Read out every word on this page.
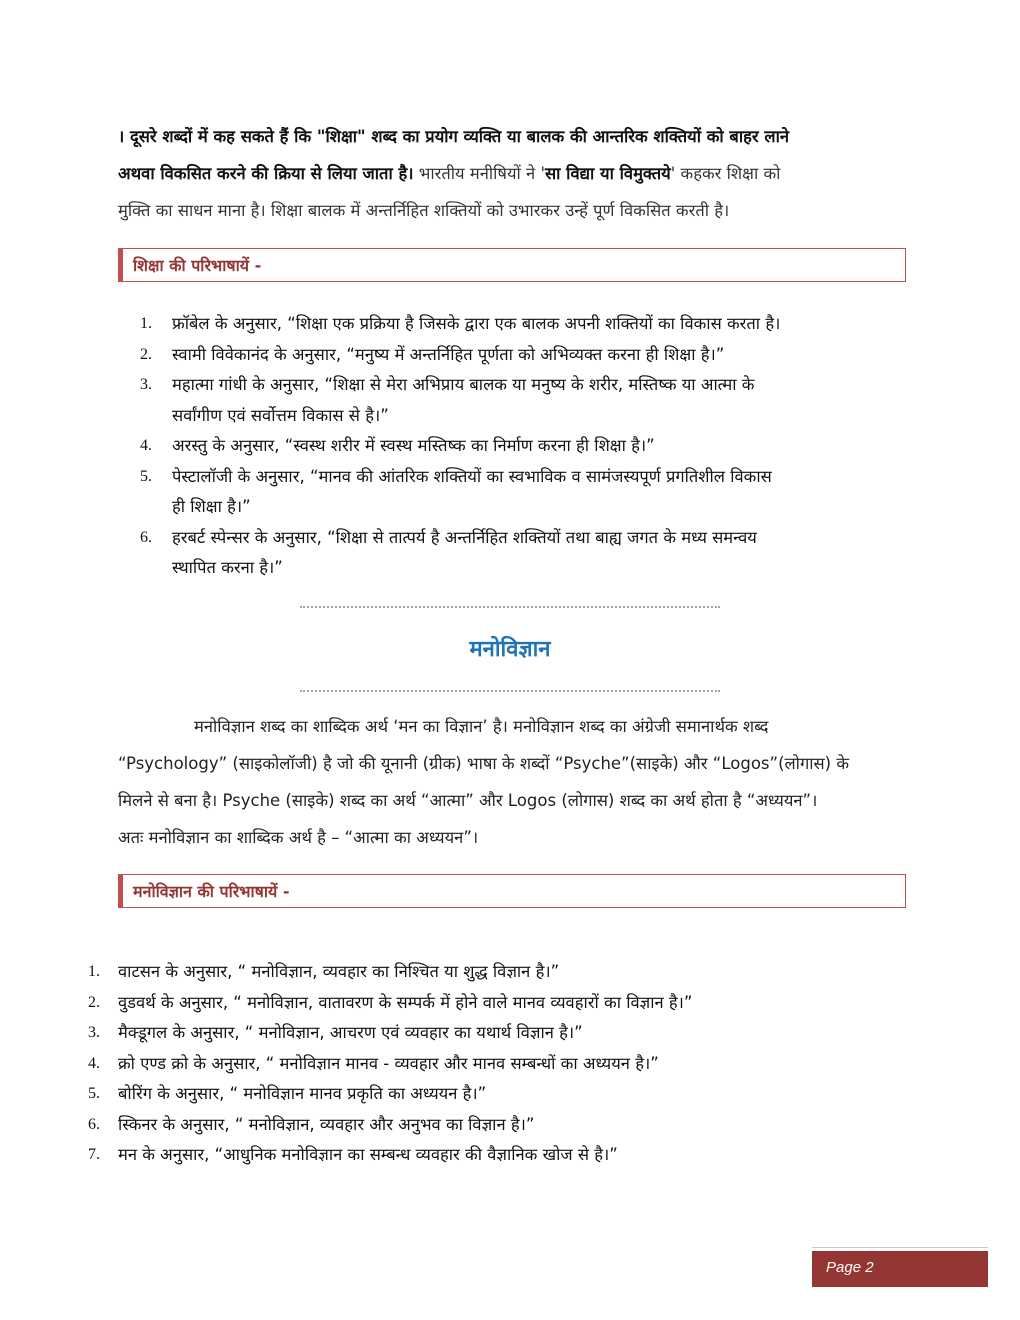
। दूसरे शब्दों में कह सकते हैं कि "शिक्षा" शब्द का प्रयोग व्यक्ति या बालक की आन्तरिक शक्तियों को बाहर लाने
अथवा विकसित करने की क्रिया से लिया जाता है। भारतीय मनीषियों ने 'सा विद्या या विमुक्तये' कहकर शिक्षा को
मुक्ति का साधन माना है। शिक्षा बालक में अन्तर्निहित शक्तियों को उभारकर उन्हें पूर्ण विकसित करती है।
शिक्षा की परिभाषायें -
1. फ्रॉबेल के अनुसार, “शिक्षा एक प्रक्रिया है जिसके द्वारा एक बालक अपनी शक्तियों का विकास करता है।
2. स्वामी विवेकानंद के अनुसार, “मनुष्य में अन्तर्निहित पूर्णता को अभिव्यक्त करना ही शिक्षा है।”
3. महात्मा गांधी के अनुसार, “शिक्षा से मेरा अभिप्राय बालक या मनुष्य के शरीर, मस्तिष्क या आत्मा के
सर्वांगीण एवं सर्वोत्तम विकास से है।”
4. अरस्तु के अनुसार, “स्वस्थ शरीर में स्वस्थ मस्तिष्क का निर्माण करना ही शिक्षा है।”
5. पेस्टालॉजी के अनुसार, “मानव की आंतरिक शक्तियों का स्वभाविक व सामंजस्यपूर्ण प्रगतिशील विकास
ही शिक्षा है।”
6. हरबर्ट स्पेन्सर के अनुसार, “शिक्षा से तात्पर्य है अन्तर्निहित शक्तियों तथा बाह्य जगत के मध्य समन्वय
स्थापित करना है।”
मनोविज्ञान
मनोविज्ञान शब्द का शाब्दिक अर्थ ‘मन का विज्ञान’ है। मनोविज्ञान शब्द का अंग्रेजी समानार्थक शब्द
“Psychology” (साइकोलॉजी) है जो की यूनानी (ग्रीक) भाषा के शब्दों “Psyche”(साइके) और “Logos”(लोगास) के
मिलने से बना है। Psyche (साइके) शब्द का अर्थ “आत्मा” और Logos (लोगास) शब्द का अर्थ होता है “अध्ययन”।
अतः मनोविज्ञान का शाब्दिक अर्थ है – “आत्मा का अध्ययन”।
मनोविज्ञान की परिभाषायें -
1. वाटसन के अनुसार, “ मनोविज्ञान, व्यवहार का निश्चित या शुद्ध विज्ञान है।”
2. वुडवर्थ के अनुसार, “ मनोविज्ञान, वातावरण के सम्पर्क में होने वाले मानव व्यवहारों का विज्ञान है।”
3. मैक्डूगल के अनुसार, “ मनोविज्ञान, आचरण एवं व्यवहार का यथार्थ विज्ञान है।”
4. क्रो एण्ड क्रो के अनुसार, “ मनोविज्ञान मानव - व्यवहार और मानव सम्बन्धों का अध्ययन है।”
5. बोरिंग के अनुसार, “ मनोविज्ञान मानव प्रकृति का अध्ययन है।”
6. स्किनर के अनुसार, “ मनोविज्ञान, व्यवहार और अनुभव का विज्ञान है।”
7. मन के अनुसार, “आधुनिक मनोविज्ञान का सम्बन्ध व्यवहार की वैज्ञानिक खोज से है।”
Page 2
